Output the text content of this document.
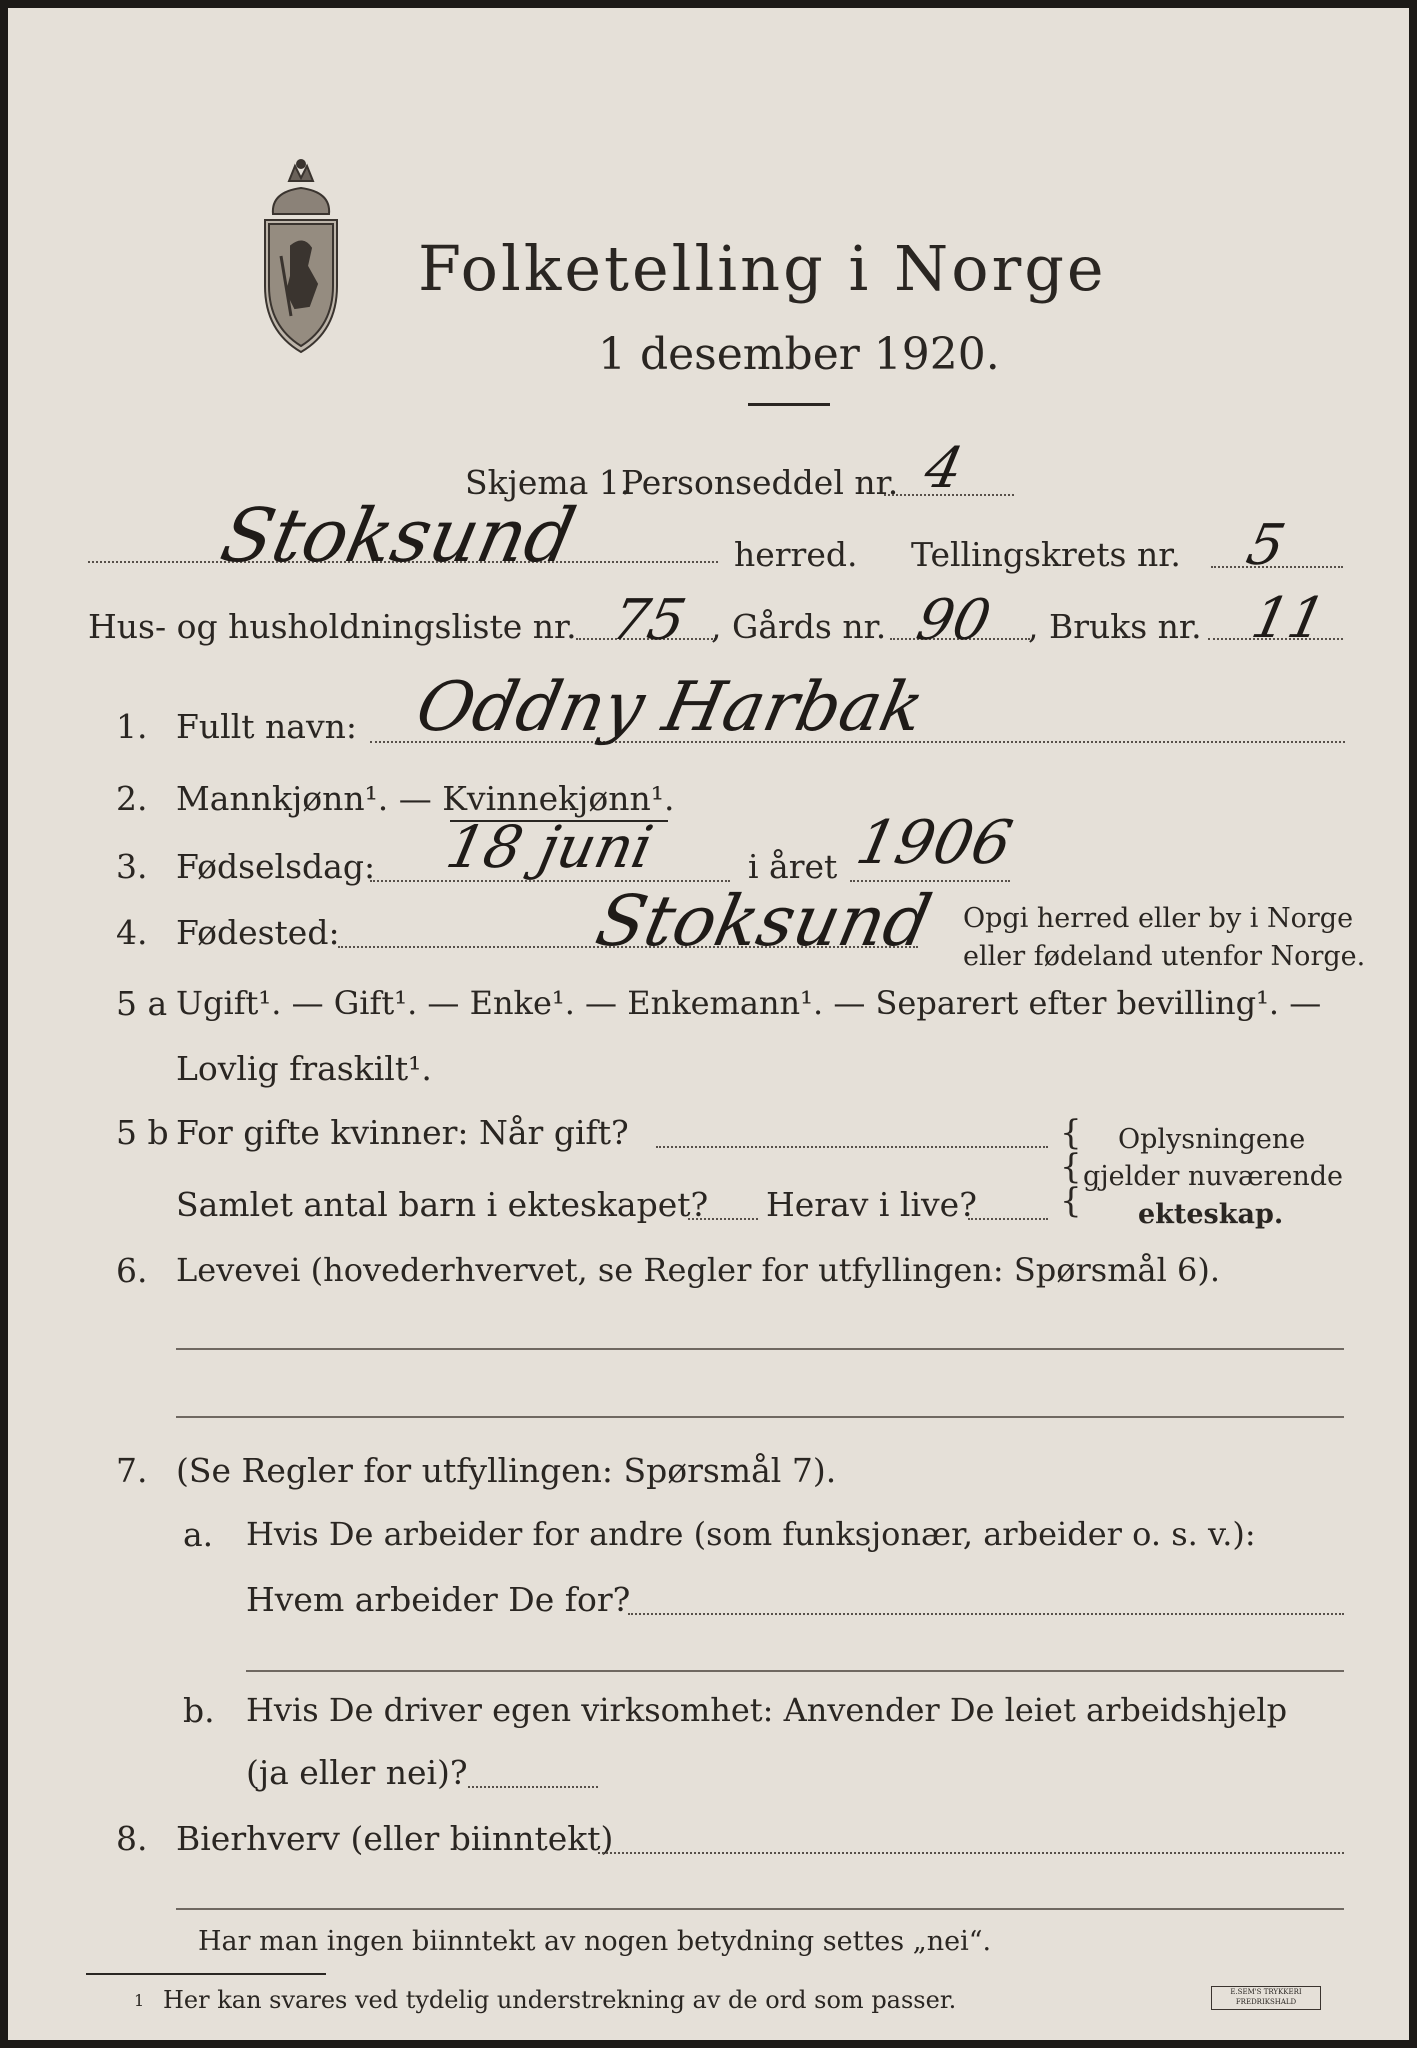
Folketelling i Norge
1 desember 1920.
Skjema 1.
Personseddel nr. 4
Stoksund	herred. Tellingskrets nr. 5
Hus- og husholdningsliste nr. 75 , Gårds nr. 90 , Bruks nr. 11
1. Fullt navn: Oddny Harbak
2. Mannkjønn¹. — Kvinnekjønn¹.
3. Fødselsdag: 18 juni	i året 1906
4. Fødested:	Stoksund Opgi herred eller by i Norge
eller fødeland utenfor Norge.
5 a Ugift¹. — Gift¹. — Enke¹. — Enkemann¹. — Separert efter bevilling¹. —
Lovlig fraskilt¹.
5 b For gifte kvinner: Når gift?
Samlet antal barn i ekteskapet? Herav i live?
{
{
{
Oplysningene
gjelder nuværende
ekteskap.
6. Levevei (hovederhvervet, se Regler for utfyllingen: Spørsmål 6).
7. (Se Regler for utfyllingen: Spørsmål 7).
a. Hvis De arbeider for andre (som funksjonær, arbeider o. s. v.):
Hvem arbeider De for?
b. Hvis De driver egen virksomhet: Anvender De leiet arbeidshjelp
(ja eller nei)?
8. Bierhverv (eller biinntekt)
Har man ingen biinntekt av nogen betydning settes „nei“.
1 Her kan svares ved tydelig understrekning av de ord som passer.	E.SEM'S TRYKKERI FREDRIKSHALD
